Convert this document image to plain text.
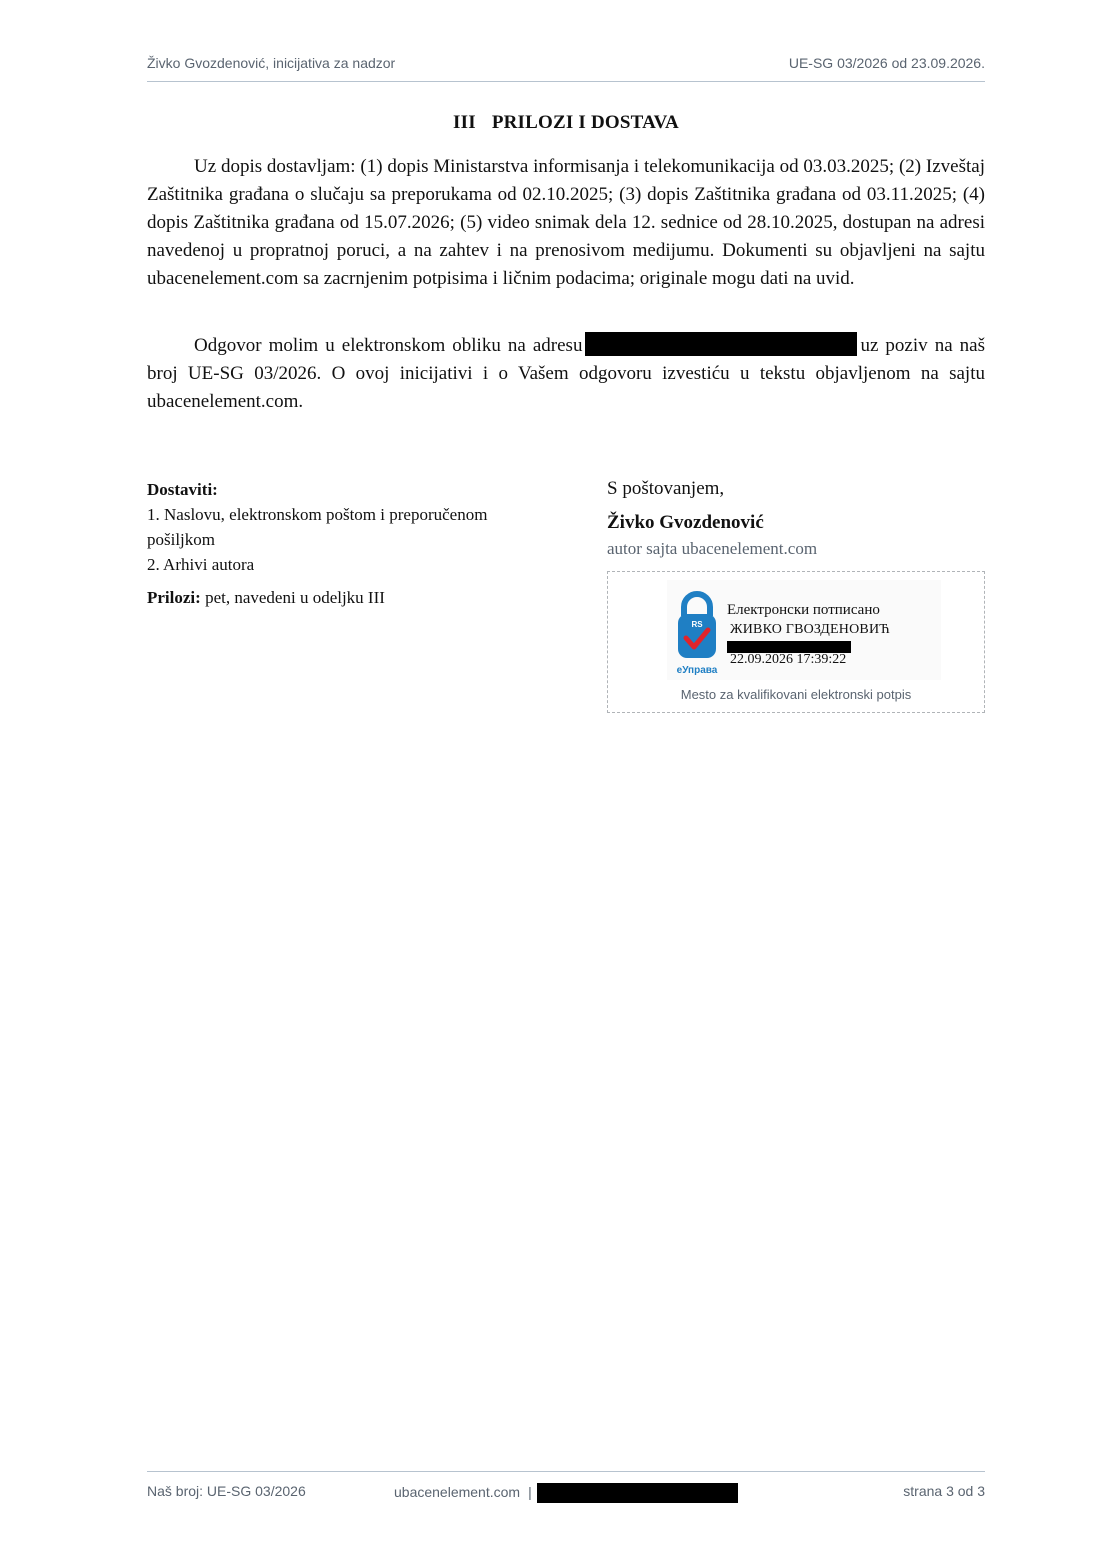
Živko Gvozdenović, inicijativa za nadzor	UE-SG 03/2026 od 23.09.2026.
III PRILOZI I DOSTAVA

Uz dopis dostavljam: (1) dopis Ministarstva informisanja i telekomunikacija od 03.03.2025; (2) Izveštaj Zaštitnika građana o slučaju sa preporukama od 02.10.2025; (3) dopis Zaštitnika građana od 03.11.2025; (4) dopis Zaštitnika građana od 15.07.2026; (5) video snimak dela 12. sednice od 28.10.2025, dostupan na adresi navedenoj u propratnoj poruci, a na zahtev i na prenosivom medijumu. Dokumenti su objavljeni na sajtu ubacenelement.com sa zacrnjenim potpisima i ličnim podacima; originale mogu dati na uvid.

Odgovor molim u elektronskom obliku na adresu	uz poziv na naš broj UE-SG 03/2026. O ovoj inicijativi i o Vašem odgovoru izvestiću u tekstu objavljenom na sajtu ubacenelement.com.

Dostaviti:
1. Naslovu, elektronskom poštom i preporučenom pošiljkom
2. Arhivi autora
Prilozi: pet, navedeni u odeljku III
S poštovanjem,
Živko Gvozdenović
autor sajta ubacenelement.com
RS
еУправа
Електронски потписано
ЖИВКО ГВОЗДЕНОВИЋ
22.09.2026 17:39:22
Mesto za kvalifikovani elektronski potpis
Naš broj: UE-SG 03/2026	ubacenelement.com |	strana 3 od 3
